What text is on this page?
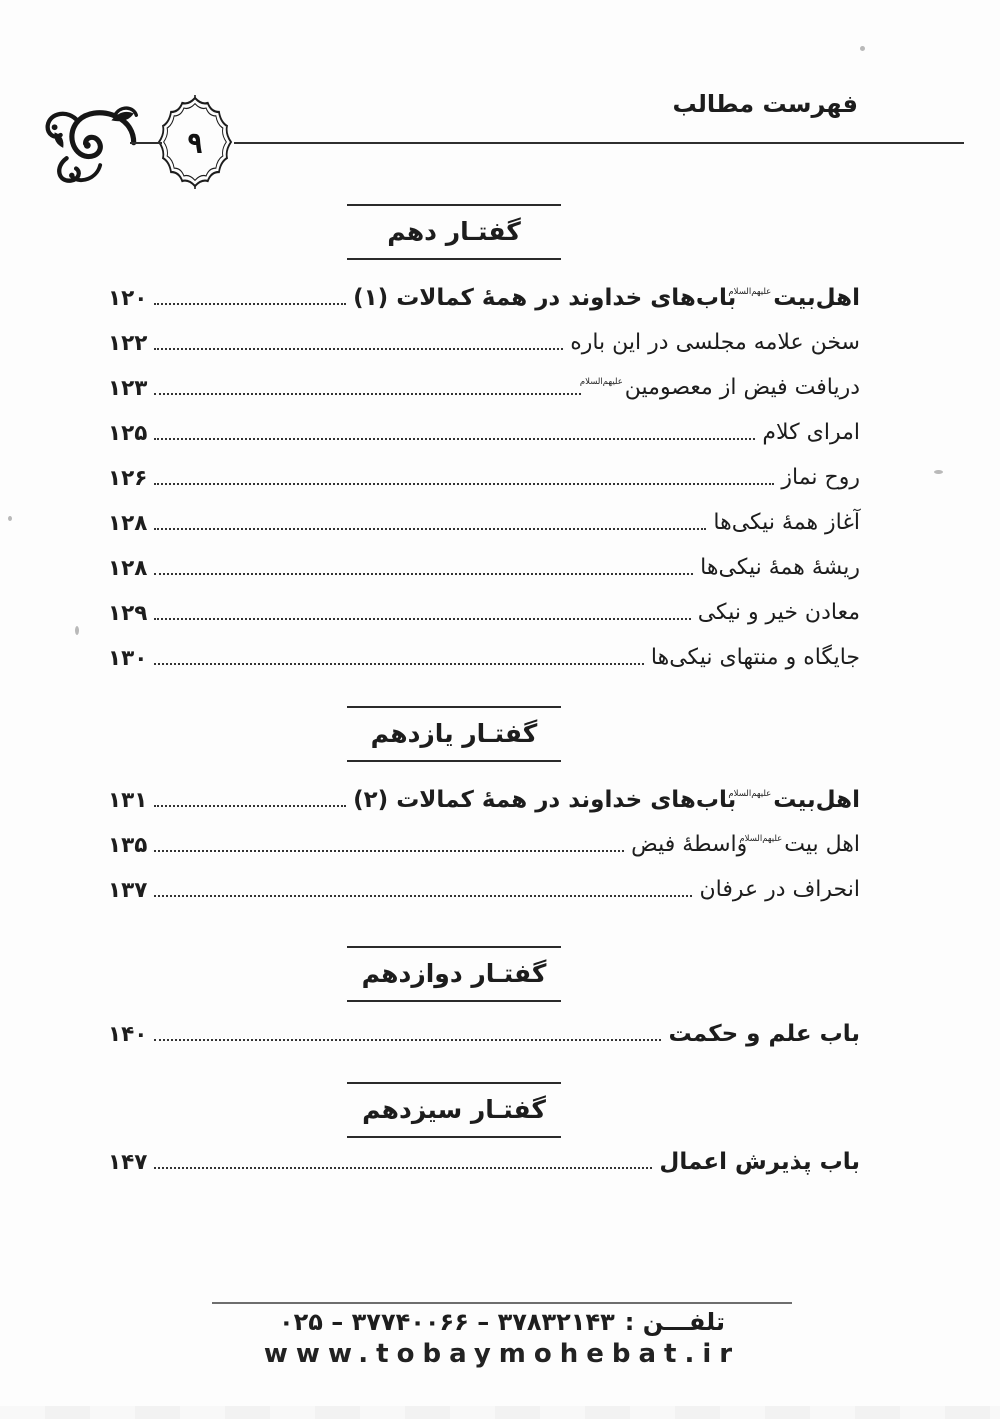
۹
فهرست مطالب
گفتـار دهم
اهل‌بیت
علیهم‌السلام
باب‌های خداوند در همهٔ کمالات (۱)
۱۲۰
سخن علامه مجلسی در این باره
۱۲۲
دریافت فیض از معصومین
علیهم‌السلام
۱۲۳
امرای کلام
۱۲۵
روح نماز
۱۲۶
آغاز همهٔ نیکی‌ها
۱۲۸
ریشهٔ همهٔ نیکی‌ها
۱۲۸
معادن خیر و نیکی
۱۲۹
جایگاه و منتهای نیکی‌ها
۱۳۰
گفتـار یازدهم
اهل‌بیت
علیهم‌السلام
باب‌های خداوند در همهٔ کمالات (۲)
۱۳۱
اهل بیت
علیهم‌السلام
واسطهٔ فیض
۱۳۵
انحراف در عرفان
۱۳۷
گفتـار دوازدهم
باب علم و حکمت
۱۴۰
گفتـار سیزدهم
باب پذیرش اعمال
۱۴۷
تلفـــن :۳۷۸۳۲۱۴۳ – ۳۷۷۴۰۰۶۶ – ۰۲۵
www.tobaymohebat.ir
